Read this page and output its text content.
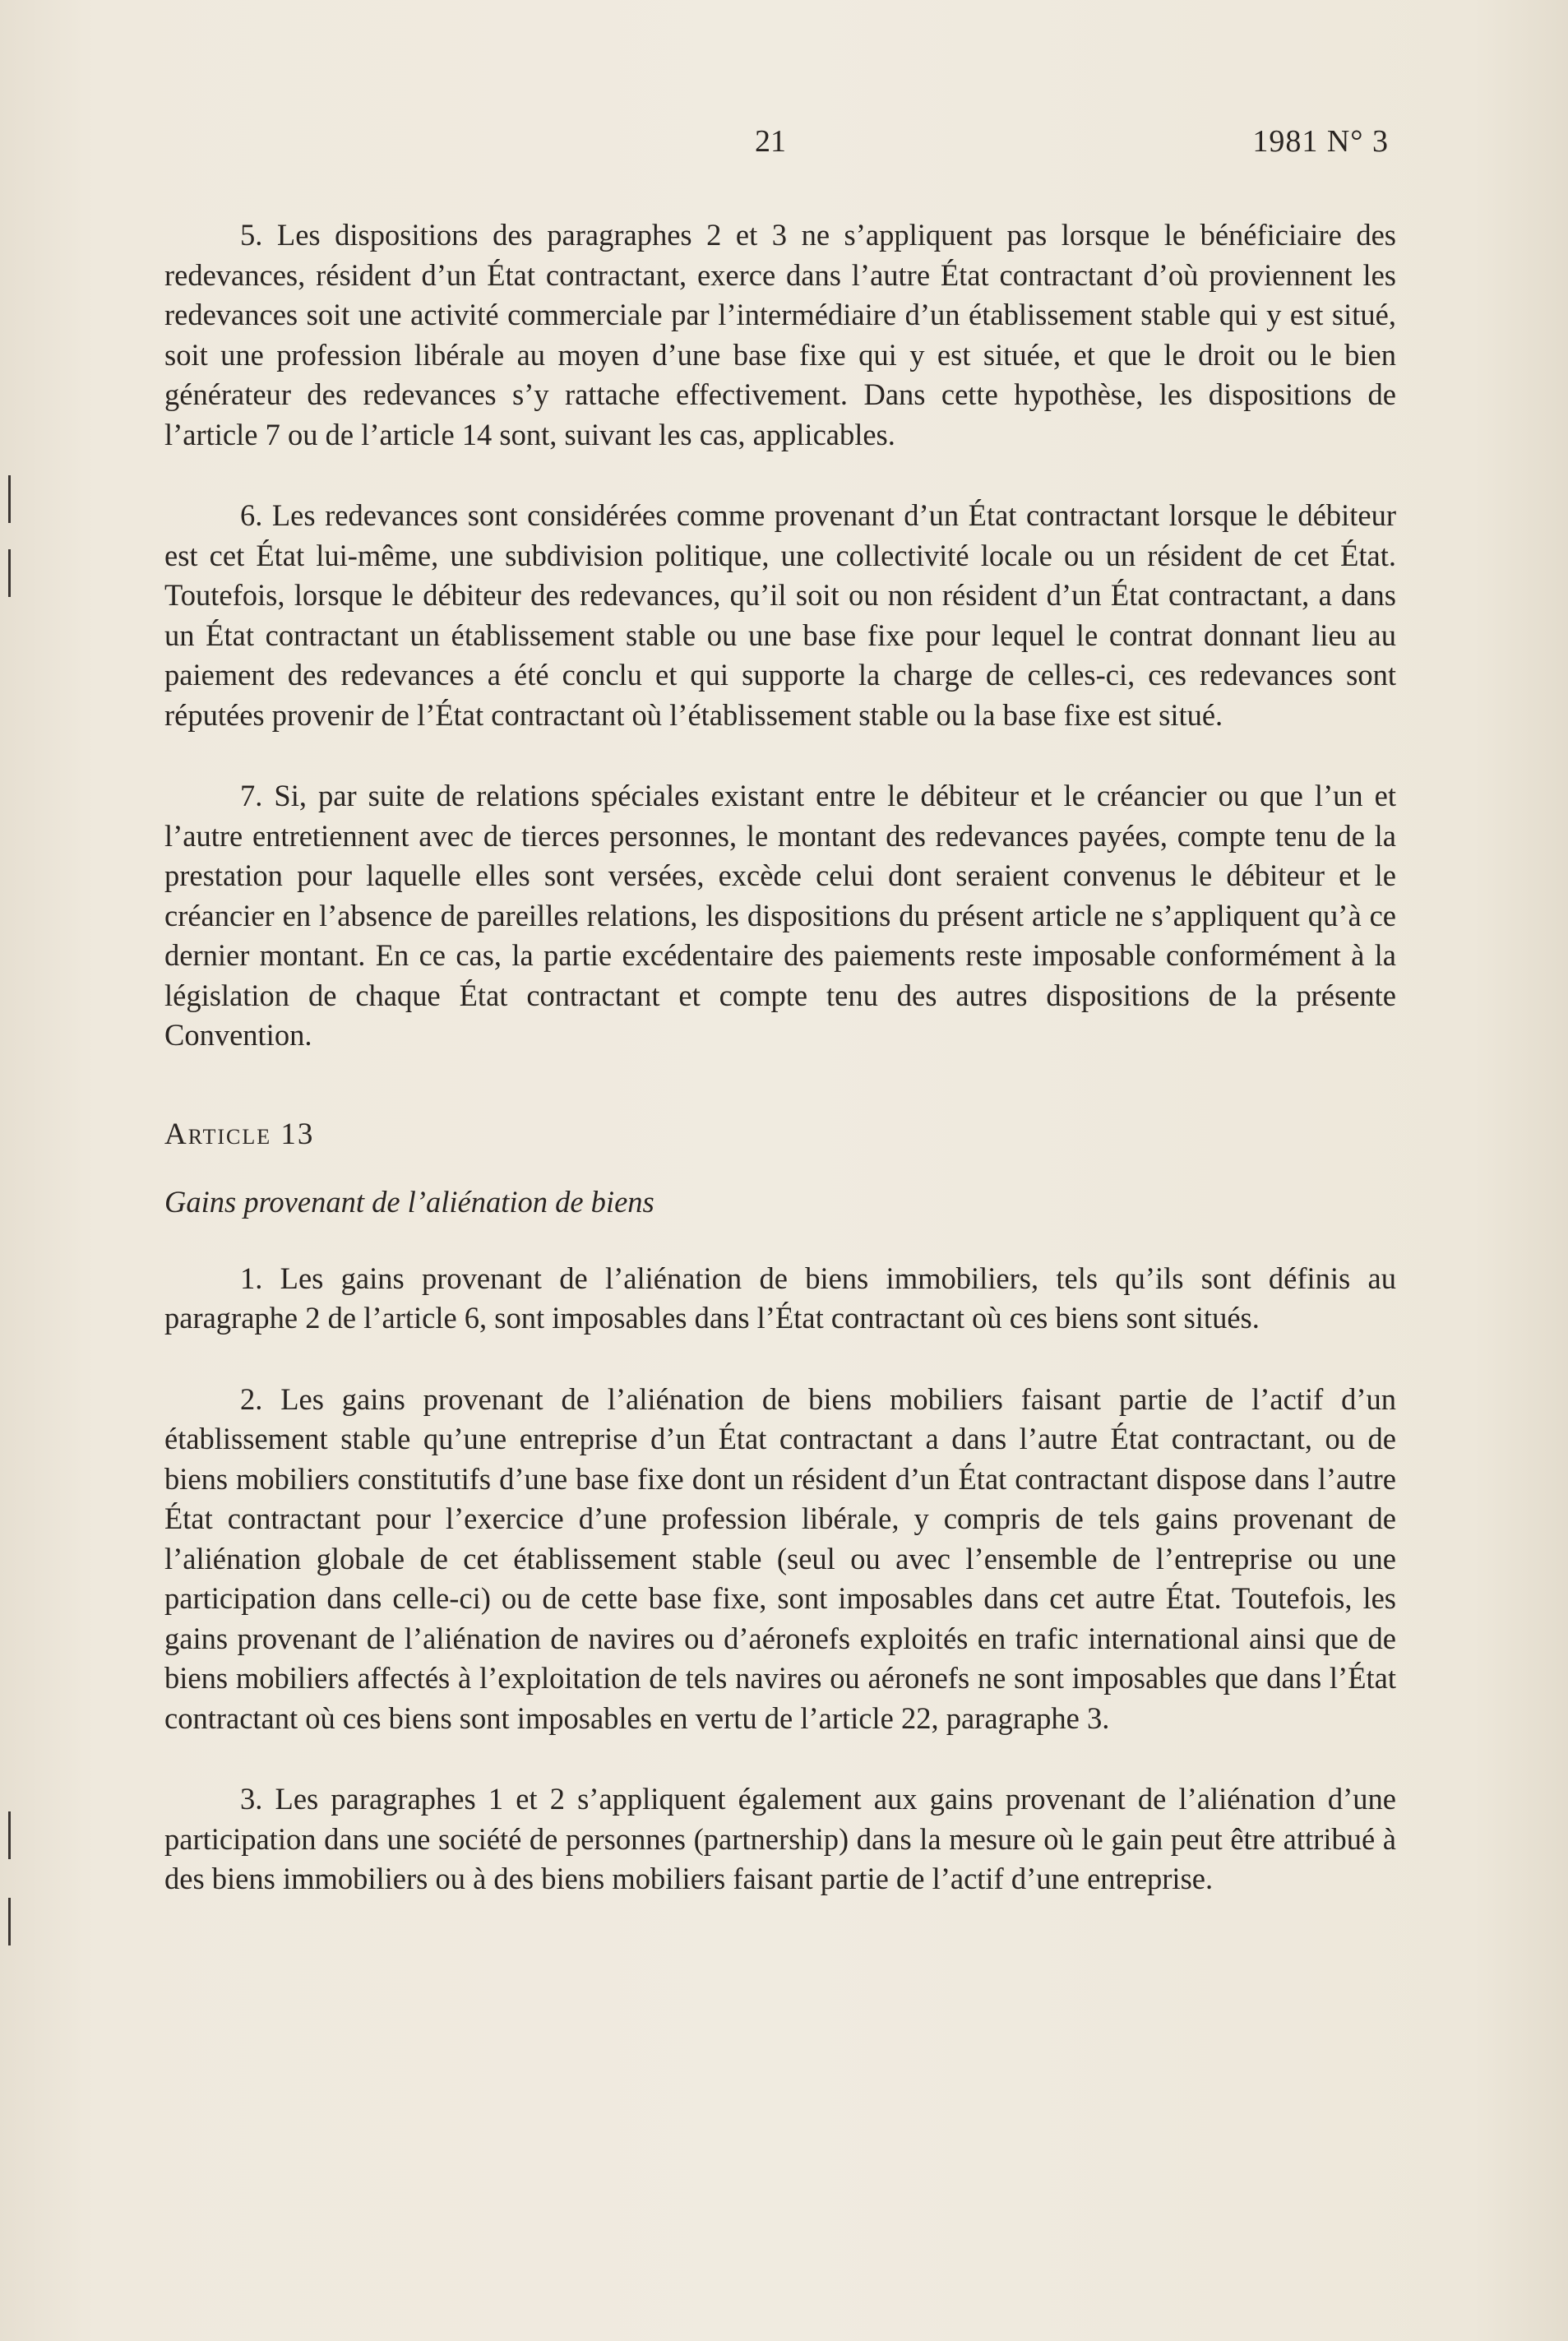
21	1981 N° 3

5. Les dispositions des paragraphes 2 et 3 ne s’appliquent pas lorsque le bénéficiaire des redevances, résident d’un État contractant, exerce dans l’autre État contractant d’où proviennent les redevances soit une activité commerciale par l’intermédiaire d’un établissement stable qui y est situé, soit une profession libérale au moyen d’une base fixe qui y est située, et que le droit ou le bien générateur des redevances s’y rattache effectivement. Dans cette hypothèse, les dispositions de l’article 7 ou de l’article 14 sont, suivant les cas, applicables.

6. Les redevances sont considérées comme provenant d’un État contractant lorsque le débiteur est cet État lui-même, une subdivision politique, une collectivité locale ou un résident de cet État. Toutefois, lorsque le débiteur des redevances, qu’il soit ou non résident d’un État contractant, a dans un État contractant un établissement stable ou une base fixe pour lequel le contrat donnant lieu au paiement des redevances a été conclu et qui supporte la charge de celles-ci, ces redevances sont réputées provenir de l’État contractant où l’établissement stable ou la base fixe est situé.

7. Si, par suite de relations spéciales existant entre le débiteur et le créancier ou que l’un et l’autre entretiennent avec de tierces personnes, le montant des redevances payées, compte tenu de la prestation pour laquelle elles sont versées, excède celui dont seraient convenus le débiteur et le créancier en l’absence de pareilles relations, les dispositions du présent article ne s’appliquent qu’à ce dernier montant. En ce cas, la partie excédentaire des paiements reste imposable conformément à la législation de chaque État contractant et compte tenu des autres dispositions de la présente Convention.

Article 13
Gains provenant de l’aliénation de biens

1. Les gains provenant de l’aliénation de biens immobiliers, tels qu’ils sont définis au paragraphe 2 de l’article 6, sont imposables dans l’État contractant où ces biens sont situés.

2. Les gains provenant de l’aliénation de biens mobiliers faisant partie de l’actif d’un établissement stable qu’une entreprise d’un État contractant a dans l’autre État contractant, ou de biens mobiliers constitutifs d’une base fixe dont un résident d’un État contractant dispose dans l’autre État contractant pour l’exercice d’une profession libérale, y compris de tels gains provenant de l’aliénation globale de cet établissement stable (seul ou avec l’ensemble de l’entreprise ou une participation dans celle-ci) ou de cette base fixe, sont imposables dans cet autre État. Toutefois, les gains provenant de l’aliénation de navires ou d’aéronefs exploités en trafic international ainsi que de biens mobiliers affectés à l’exploitation de tels navires ou aéronefs ne sont imposables que dans l’État contractant où ces biens sont imposables en vertu de l’article 22, paragraphe 3.

3. Les paragraphes 1 et 2 s’appliquent également aux gains provenant de l’aliénation d’une participation dans une société de personnes (partnership) dans la mesure où le gain peut être attribué à des biens immobiliers ou à des biens mobiliers faisant partie de l’actif d’une entreprise.
